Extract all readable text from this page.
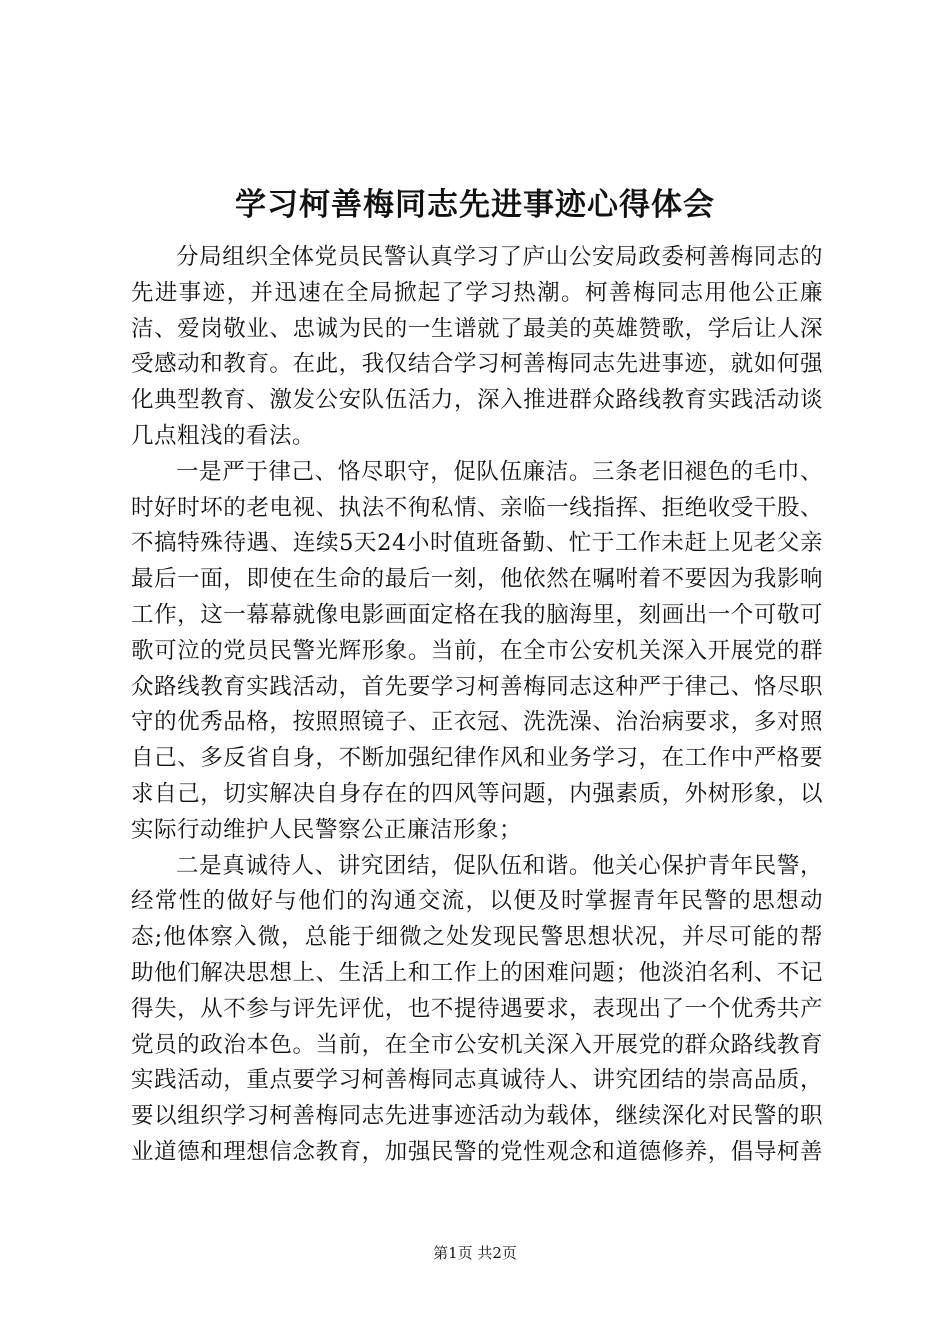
学习柯善梅同志先进事迹心得体会

分局组织全体党员民警认真学习了庐山公安局政委柯善梅同志的先进事迹，并迅速在全局掀起了学习热潮。柯善梅同志用他公正廉洁、爱岗敬业、忠诚为民的一生谱就了最美的英雄赞歌，学后让人深受感动和教育。在此，我仅结合学习柯善梅同志先进事迹，就如何强化典型教育、激发公安队伍活力，深入推进群众路线教育实践活动谈几点粗浅的看法。

一是严于律己、恪尽职守，促队伍廉洁。三条老旧褪色的毛巾、时好时坏的老电视、执法不徇私情、亲临一线指挥、拒绝收受干股、不搞特殊待遇、连续5天24小时值班备勤、忙于工作未赶上见老父亲最后一面，即使在生命的最后一刻，他依然在嘱咐着不要因为我影响工作，这一幕幕就像电影画面定格在我的脑海里，刻画出一个可敬可歌可泣的党员民警光辉形象。当前，在全市公安机关深入开展党的群众路线教育实践活动，首先要学习柯善梅同志这种严于律己、恪尽职守的优秀品格，按照照镜子、正衣冠、洗洗澡、治治病要求，多对照自己、多反省自身，不断加强纪律作风和业务学习，在工作中严格要求自己，切实解决自身存在的四风等问题，内强素质，外树形象，以实际行动维护人民警察公正廉洁形象；

二是真诚待人、讲究团结，促队伍和谐。他关心保护青年民警，经常性的做好与他们的沟通交流，以便及时掌握青年民警的思想动态;他体察入微，总能于细微之处发现民警思想状况，并尽可能的帮助他们解决思想上、生活上和工作上的困难问题；他淡泊名利、不记得失，从不参与评先评优，也不提待遇要求，表现出了一个优秀共产党员的政治本色。当前，在全市公安机关深入开展党的群众路线教育实践活动，重点要学习柯善梅同志真诚待人、讲究团结的崇高品质，要以组织学习柯善梅同志先进事迹活动为载体，继续深化对民警的职业道德和理想信念教育，加强民警的党性观念和道德修养，倡导柯善

第1页 共2页
